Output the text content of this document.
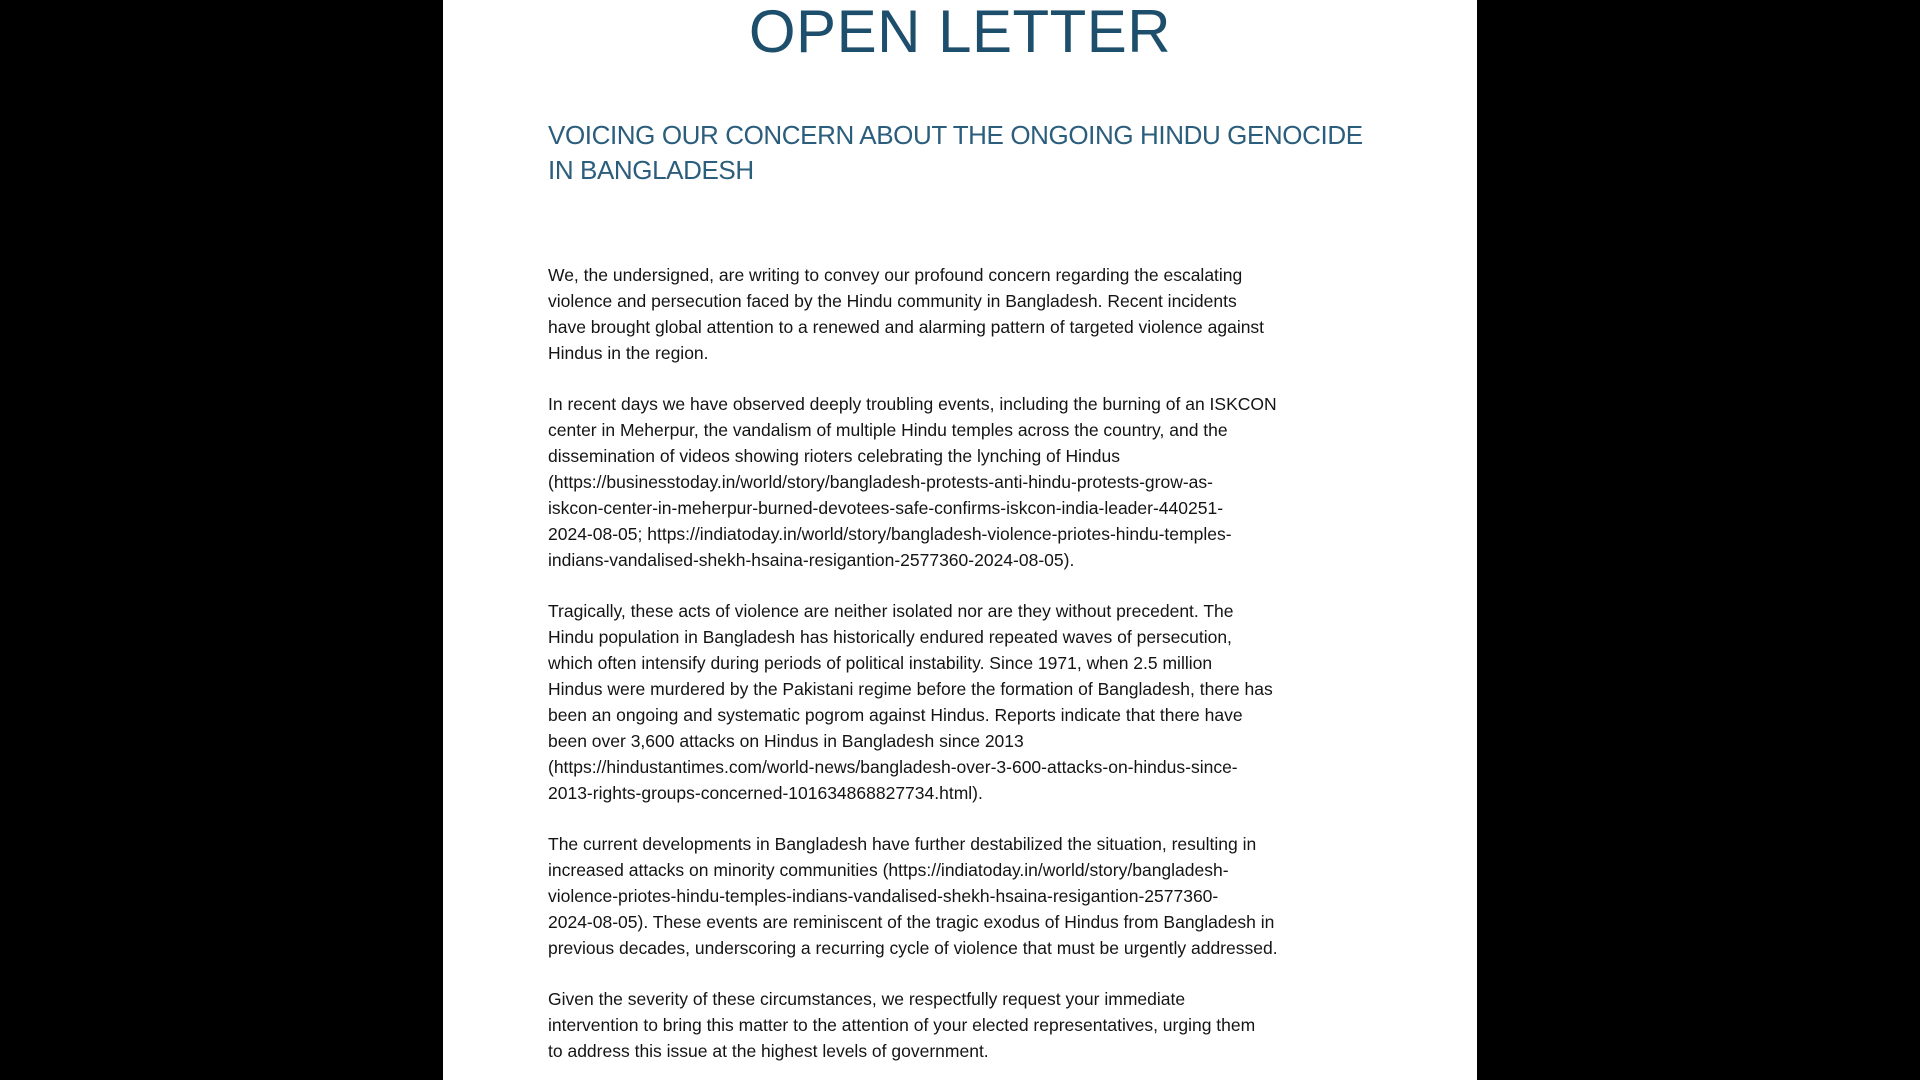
OPEN LETTER
VOICING OUR CONCERN ABOUT THE ONGOING HINDU GENOCIDE
IN BANGLADESH

We, the undersigned, are writing to convey our profound concern regarding the escalating
violence and persecution faced by the Hindu community in Bangladesh. Recent incidents
have brought global attention to a renewed and alarming pattern of targeted violence against
Hindus in the region.

In recent days we have observed deeply troubling events, including the burning of an ISKCON
center in Meherpur, the vandalism of multiple Hindu temples across the country, and the
dissemination of videos showing rioters celebrating the lynching of Hindus
(https://businesstoday.in/world/story/bangladesh-protests-anti-hindu-protests-grow-as-
iskcon-center-in-meherpur-burned-devotees-safe-confirms-iskcon-india-leader-440251-
2024-08-05; https://indiatoday.in/world/story/bangladesh-violence-priotes-hindu-temples-
indians-vandalised-shekh-hsaina-resigantion-2577360-2024-08-05).

Tragically, these acts of violence are neither isolated nor are they without precedent. The
Hindu population in Bangladesh has historically endured repeated waves of persecution,
which often intensify during periods of political instability. Since 1971, when 2.5 million
Hindus were murdered by the Pakistani regime before the formation of Bangladesh, there has
been an ongoing and systematic pogrom against Hindus. Reports indicate that there have
been over 3,600 attacks on Hindus in Bangladesh since 2013
(https://hindustantimes.com/world-news/bangladesh-over-3-600-attacks-on-hindus-since-
2013-rights-groups-concerned-101634868827734.html).

The current developments in Bangladesh have further destabilized the situation, resulting in
increased attacks on minority communities (https://indiatoday.in/world/story/bangladesh-
violence-priotes-hindu-temples-indians-vandalised-shekh-hsaina-resigantion-2577360-
2024-08-05). These events are reminiscent of the tragic exodus of Hindus from Bangladesh in
previous decades, underscoring a recurring cycle of violence that must be urgently addressed.

Given the severity of these circumstances, we respectfully request your immediate
intervention to bring this matter to the attention of your elected representatives, urging them
to address this issue at the highest levels of government.
